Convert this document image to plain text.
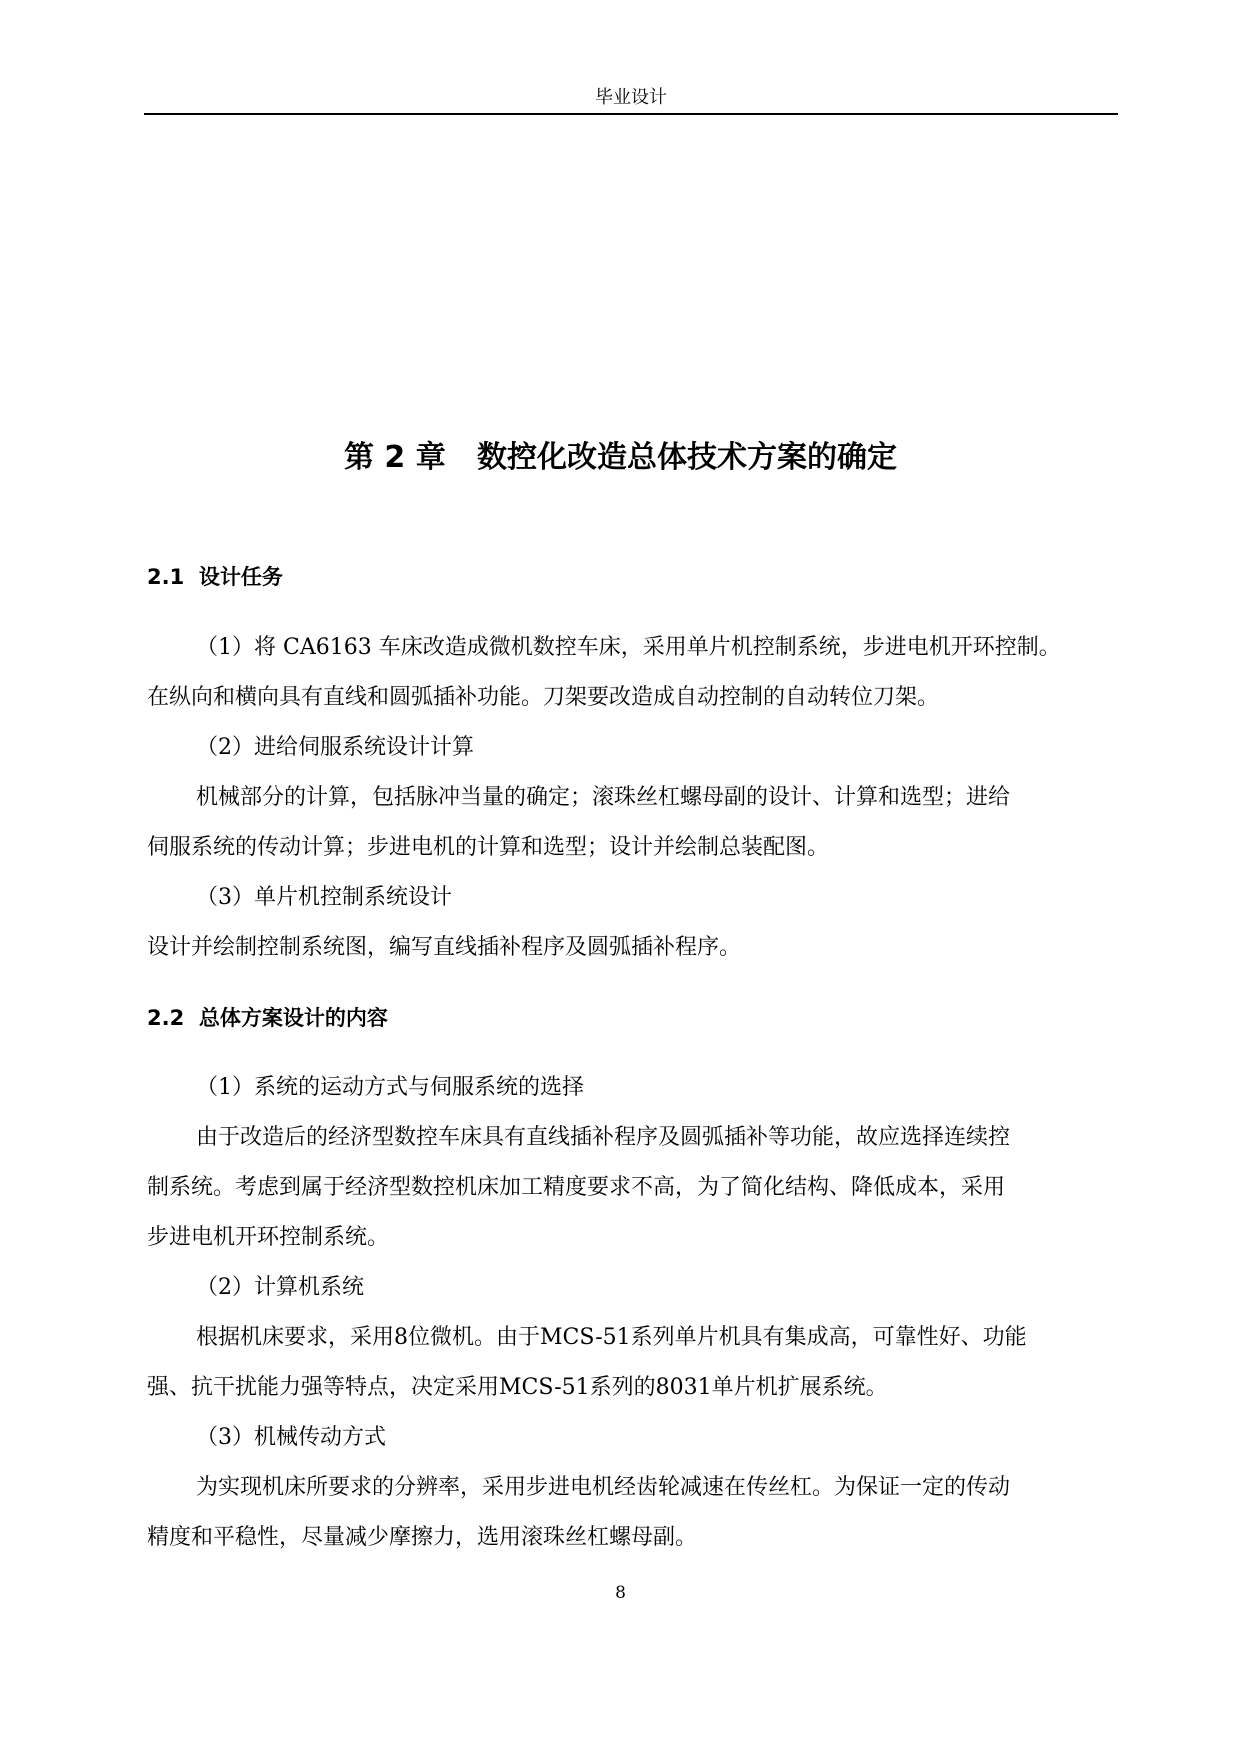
毕业设计
第 2 章   数控化改造总体技术方案的确定
2.1  设计任务
（1）将 CA6163 车床改造成微机数控车床，采用单片机控制系统，步进电机开环控制。
在纵向和横向具有直线和圆弧插补功能。刀架要改造成自动控制的自动转位刀架。
（2）进给伺服系统设计计算
机械部分的计算，包括脉冲当量的确定；滚珠丝杠螺母副的设计、计算和选型；进给
伺服系统的传动计算；步进电机的计算和选型；设计并绘制总装配图。
（3）单片机控制系统设计
设计并绘制控制系统图，编写直线插补程序及圆弧插补程序。
2.2  总体方案设计的内容
（1）系统的运动方式与伺服系统的选择
由于改造后的经济型数控车床具有直线插补程序及圆弧插补等功能，故应选择连续控
制系统。考虑到属于经济型数控机床加工精度要求不高，为了简化结构、降低成本，采用
步进电机开环控制系统。
（2）计算机系统
根据机床要求，采用8位微机。由于MCS-51系列单片机具有集成高，可靠性好、功能
强、抗干扰能力强等特点，决定采用MCS-51系列的8031单片机扩展系统。
（3）机械传动方式
为实现机床所要求的分辨率，采用步进电机经齿轮减速在传丝杠。为保证一定的传动
精度和平稳性，尽量减少摩擦力，选用滚珠丝杠螺母副。
8
